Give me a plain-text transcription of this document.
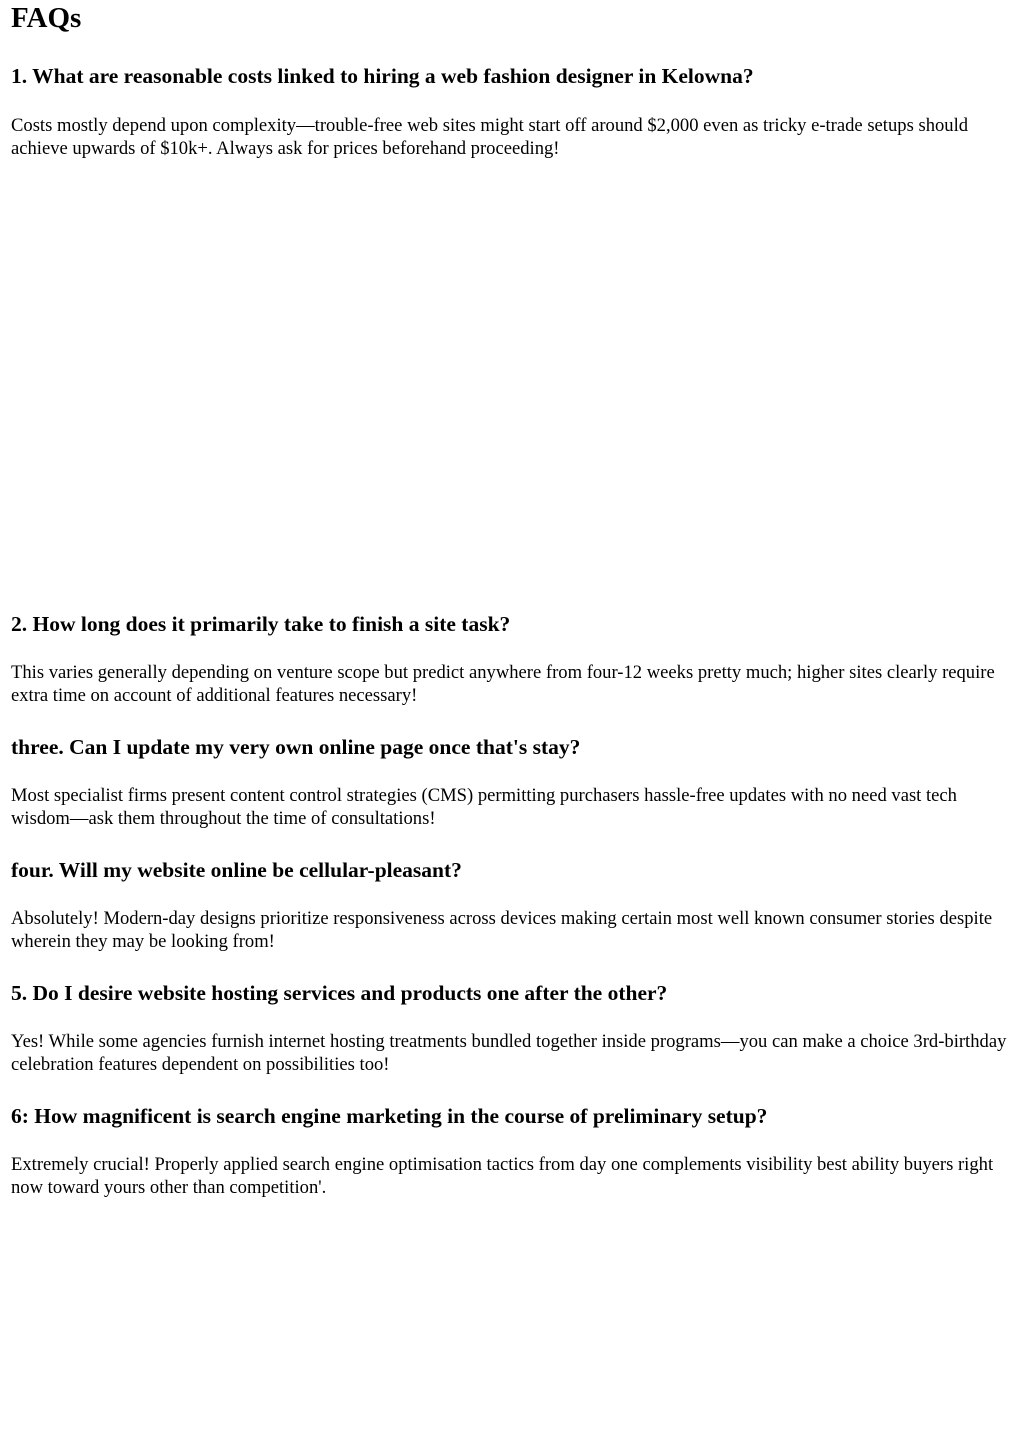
FAQs
1. What are reasonable costs linked to hiring a web fashion designer in Kelowna?

Costs mostly depend upon complexity—trouble-free web sites might start off around $2,000 even as tricky e-trade setups should achieve upwards of $10k+. Always ask for prices beforehand proceeding!

2. How long does it primarily take to finish a site task?

This varies generally depending on venture scope but predict anywhere from four-12 weeks pretty much; higher sites clearly require extra time on account of additional features necessary!

three. Can I update my very own online page once that's stay?

Most specialist firms present content control strategies (CMS) permitting purchasers hassle-free updates with no need vast tech wisdom—ask them throughout the time of consultations!

four. Will my website online be cellular-pleasant?

Absolutely! Modern-day designs prioritize responsiveness across devices making certain most well known consumer stories despite wherein they may be looking from!

5. Do I desire website hosting services and products one after the other?

Yes! While some agencies furnish internet hosting treatments bundled together inside programs—you can make a choice 3rd-birthday celebration features dependent on possibilities too!

6: How magnificent is search engine marketing in the course of preliminary setup?

Extremely crucial! Properly applied search engine optimisation tactics from day one complements visibility best ability buyers right now toward yours other than competition'.
